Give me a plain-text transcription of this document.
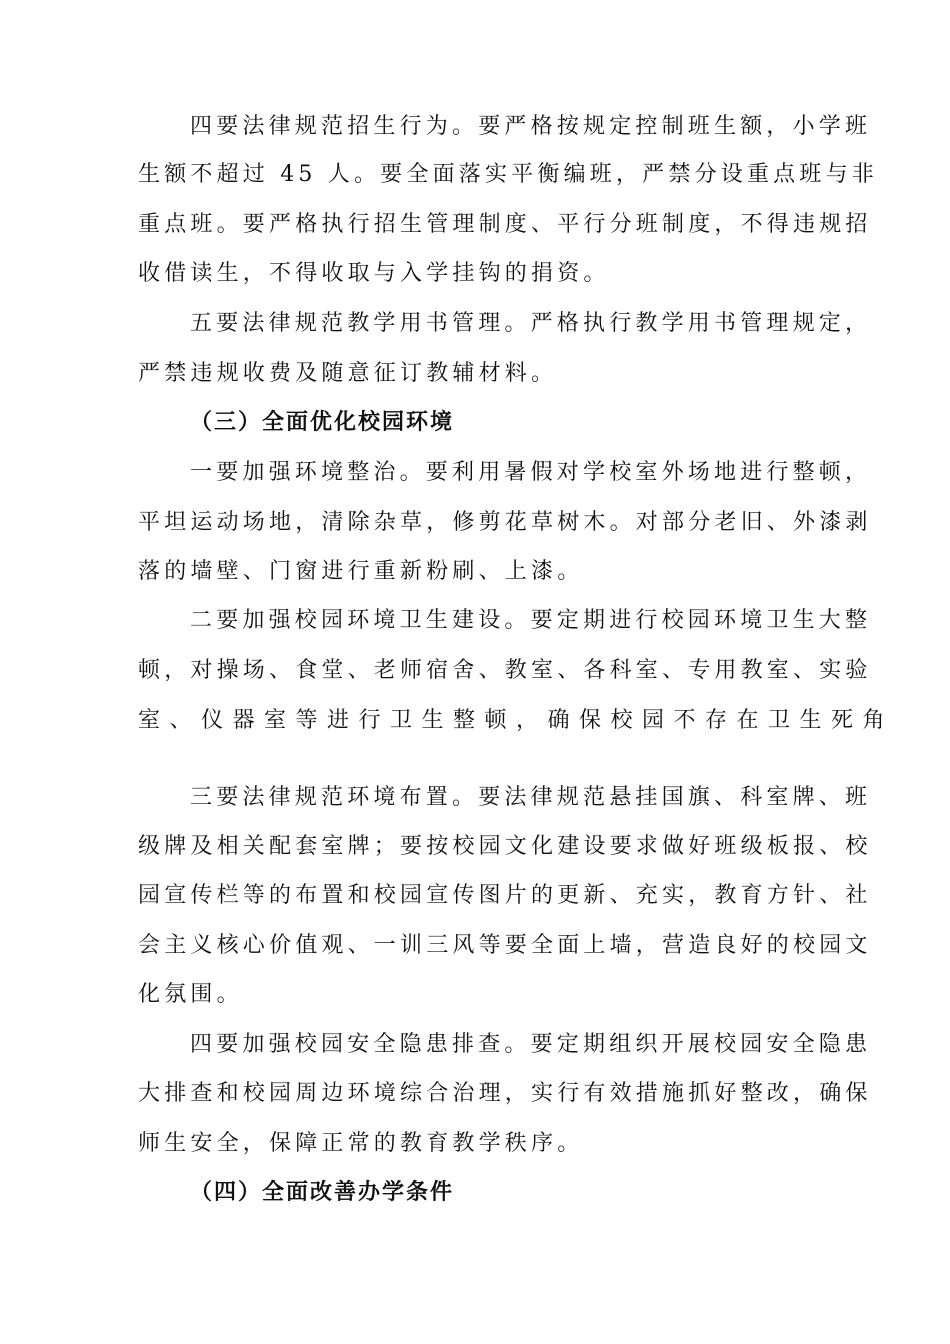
四要法律规范招生行为。要严格按规定控制班生额，小学班
生额不超过 45 人。要全面落实平衡编班，严禁分设重点班与非
重点班。要严格执行招生管理制度、平行分班制度，不得违规招
收借读生，不得收取与入学挂钩的捐资。
五要法律规范教学用书管理。严格执行教学用书管理规定，
严禁违规收费及随意征订教辅材料。
（三）全面优化校园环境
一要加强环境整治。要利用暑假对学校室外场地进行整顿，
平坦运动场地，清除杂草，修剪花草树木。对部分老旧、外漆剥
落的墙壁、门窗进行重新粉刷、上漆。
二要加强校园环境卫生建设。要定期进行校园环境卫生大整
顿，对操场、食堂、老师宿舍、教室、各科室、专用教室、实验
室、仪器室等进行卫生整顿，确保校园不存在卫生死角
三要法律规范环境布置。要法律规范悬挂国旗、科室牌、班
级牌及相关配套室牌；要按校园文化建设要求做好班级板报、校
园宣传栏等的布置和校园宣传图片的更新、充实，教育方针、社
会主义核心价值观、一训三风等要全面上墙，营造良好的校园文
化氛围。
四要加强校园安全隐患排查。要定期组织开展校园安全隐患
大排查和校园周边环境综合治理，实行有效措施抓好整改，确保
师生安全，保障正常的教育教学秩序。
（四）全面改善办学条件
